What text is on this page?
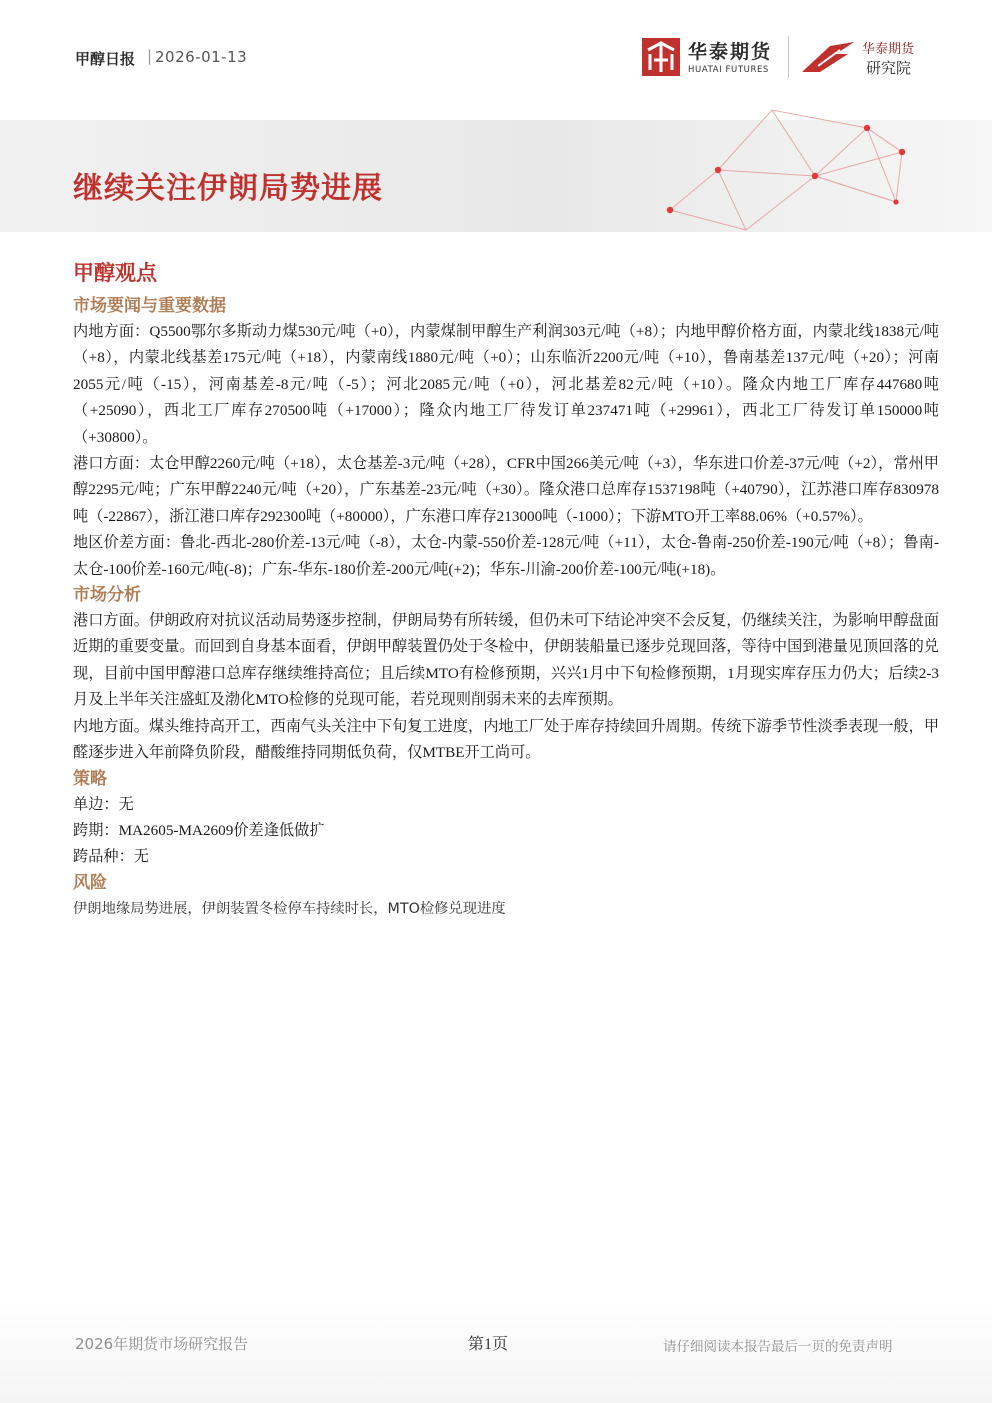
甲醇日报 | 2026-01-13	华泰期货
HUATAI FUTURES
华泰期货
研究院
继续关注伊朗局势进展
甲醇观点
市场要闻与重要数据

内地方面：Q5500鄂尔多斯动力煤530元/吨（+0），内蒙煤制甲醇生产利润303元/吨（+8）；内地甲醇价格方面，内蒙北线1838元/吨（+8），内蒙北线基差175元/吨（+18），内蒙南线1880元/吨（+0）；山东临沂2200元/吨（+10），鲁南基差137元/吨（+20）；河南2055元/吨（-15），河南基差-8元/吨（-5）；河北2085元/吨（+0），河北基差82元/吨（+10）。隆众内地工厂库存447680吨（+25090），西北工厂库存270500吨（+17000）；隆众内地工厂待发订单237471吨（+29961），西北工厂待发订单150000吨（+30800）。

港口方面：太仓甲醇2260元/吨（+18），太仓基差-3元/吨（+28），CFR中国266美元/吨（+3），华东进口价差-37元/吨（+2），常州甲醇2295元/吨；广东甲醇2240元/吨（+20），广东基差-23元/吨（+30）。隆众港口总库存1537198吨（+40790），江苏港口库存830978吨（-22867），浙江港口库存292300吨（+80000），广东港口库存213000吨（-1000）；下游MTO开工率88.06%（+0.57%）。

地区价差方面：鲁北-西北-280价差-13元/吨（-8），太仓-内蒙-550价差-128元/吨（+11），太仓-鲁南-250价差-190元/吨（+8）；鲁南-太仓-100价差-160元/吨(-8)；广东-华东-180价差-200元/吨(+2)；华东-川渝-200价差-100元/吨(+18)。

市场分析

港口方面。伊朗政府对抗议活动局势逐步控制，伊朗局势有所转缓，但仍未可下结论冲突不会反复，仍继续关注，为影响甲醇盘面近期的重要变量。而回到自身基本面看，伊朗甲醇装置仍处于冬检中，伊朗装船量已逐步兑现回落，等待中国到港量见顶回落的兑现，目前中国甲醇港口总库存继续维持高位；且后续MTO有检修预期，兴兴1月中下旬检修预期，1月现实库存压力仍大；后续2-3月及上半年关注盛虹及渤化MTO检修的兑现可能，若兑现则削弱未来的去库预期。

内地方面。煤头维持高开工，西南气头关注中下旬复工进度，内地工厂处于库存持续回升周期。传统下游季节性淡季表现一般，甲醛逐步进入年前降负阶段，醋酸维持同期低负荷，仅MTBE开工尚可。

策略

单边：无

跨期：MA2605-MA2609价差逢低做扩

跨品种：无

风险

伊朗地缘局势进展，伊朗装置冬检停车持续时长，MTO检修兑现进度

2026年期货市场研究报告	第1页	请仔细阅读本报告最后一页的免责声明
